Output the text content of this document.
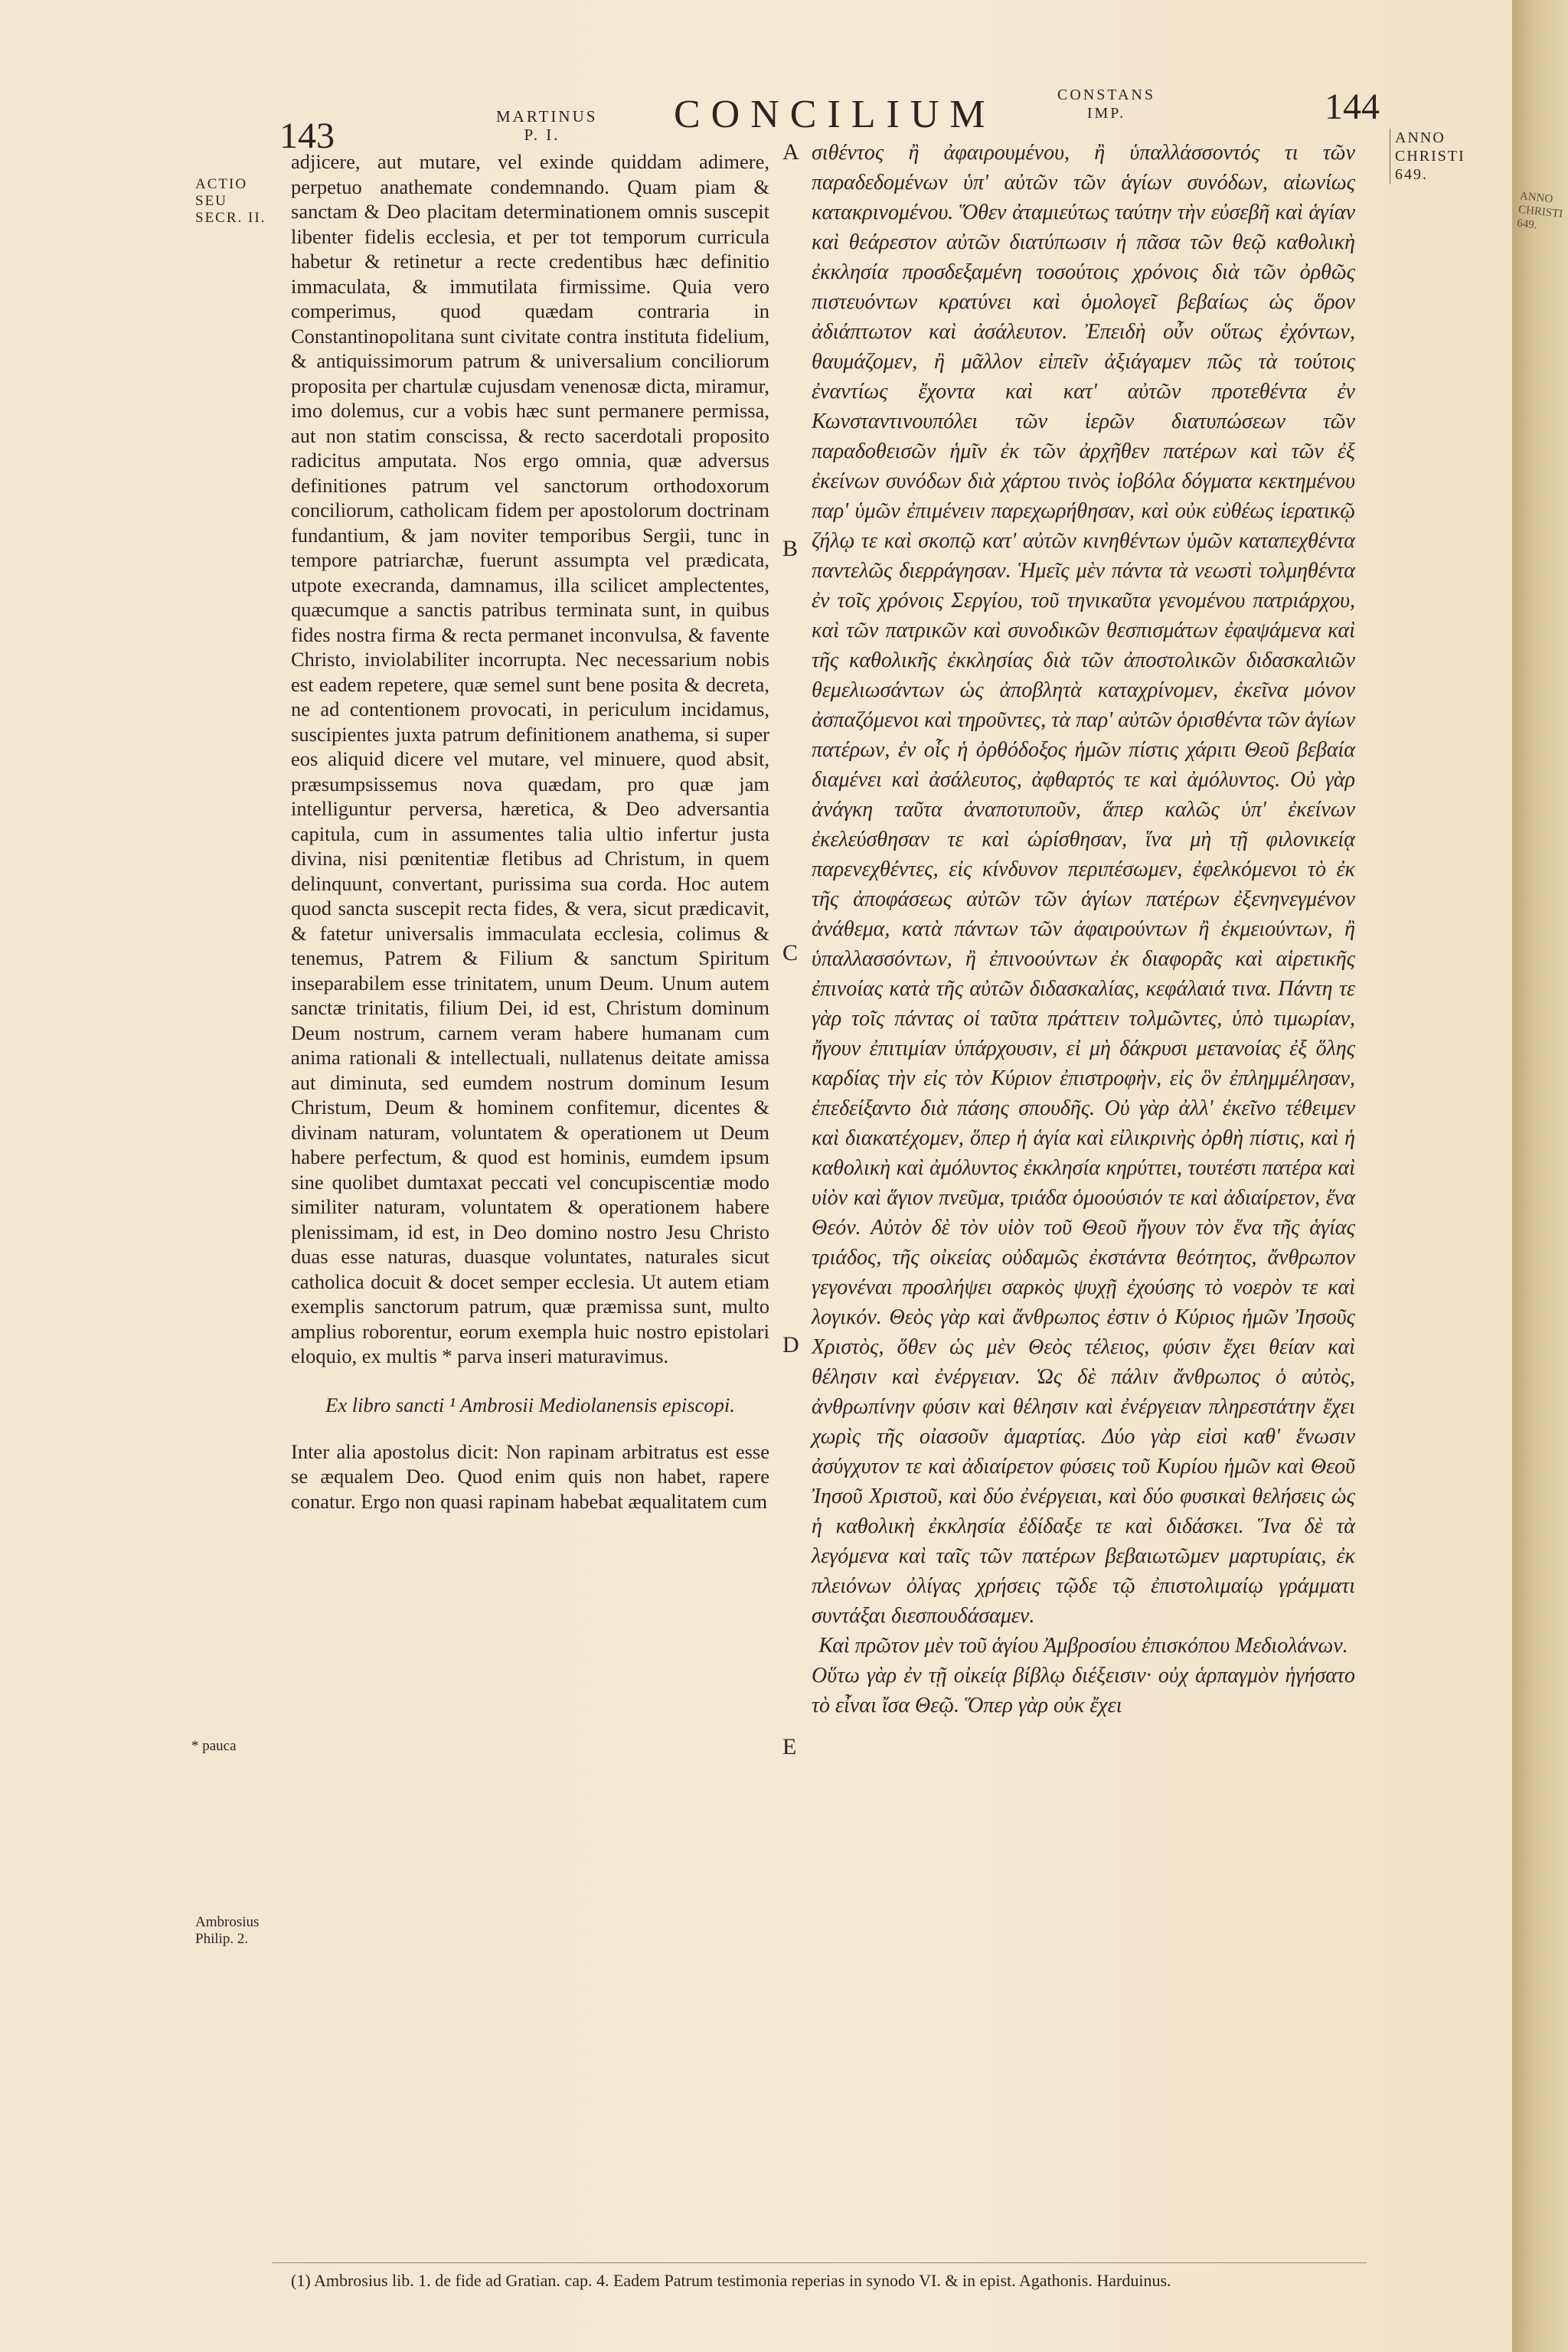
143	MARTINUS P. I.	CONCILIUM	CONSTANS IMP.	144
ACTIO SEU SECR. II.
ANNO CHRISTI 649.
* pauca
Ambrosius Philip. 2.

adjicere, aut mutare, vel exinde quiddam adimere, perpetuo anathemate condemnando. Quam piam & sanctam & Deo placitam determinationem omnis suscepit libenter fidelis ecclesia, et per tot temporum curricula habetur & retinetur a recte credentibus hæc definitio immaculata, & immutilata firmissime. Quia vero comperimus, quod quædam contraria in Constantinopolitana sunt civitate contra instituta fidelium, & antiquissimorum patrum & universalium conciliorum proposita per chartulæ cujusdam venenosæ dicta, miramur, imo dolemus, cur a vobis hæc sunt permanere permissa, aut non statim conscissa, & recto sacerdotali proposito radicitus amputata. Nos ergo omnia, quæ adversus definitiones patrum vel sanctorum orthodoxorum conciliorum, catholicam fidem per apostolorum doctrinam fundantium, & jam noviter temporibus Sergii, tunc in tempore patriarchæ, fuerunt assumpta vel prædicata, utpote execranda, damnamus, illa scilicet amplectentes, quæcumque a sanctis patribus terminata sunt, in quibus fides nostra firma & recta permanet inconvulsa, & favente Christo, inviolabiliter incorrupta. Nec necessarium nobis est eadem repetere, quæ semel sunt bene posita & decreta, ne ad contentionem provocati, in periculum incidamus, suscipientes juxta patrum definitionem anathema, si super eos aliquid dicere vel mutare, vel minuere, quod absit, præsumpsissemus nova quædam, pro quæ jam intelliguntur perversa, hæretica, & Deo adversantia capitula, cum in assumentes talia ultio infertur justa divina, nisi pœnitentiæ fletibus ad Christum, in quem delinquunt, convertant, purissima sua corda. Hoc autem quod sancta suscepit recta fides, & vera, sicut prædicavit, & fatetur universalis immaculata ecclesia, colimus & tenemus, Patrem & Filium & sanctum Spiritum inseparabilem esse trinitatem, unum Deum. Unum autem sanctæ trinitatis, filium Dei, id est, Christum dominum Deum nostrum, carnem veram habere humanam cum anima rationali & intellectuali, nullatenus deitate amissa aut diminuta, sed eumdem nostrum dominum Iesum Christum, Deum & hominem confitemur, dicentes & divinam naturam, voluntatem & operationem ut Deum habere perfectum, & quod est hominis, eumdem ipsum sine quolibet dumtaxat peccati vel concupiscentiæ modo similiter naturam, voluntatem & operationem habere plenissimam, id est, in Deo domino nostro Jesu Christo duas esse naturas, duasque voluntates, naturales sicut catholica docuit & docet semper ecclesia. Ut autem etiam exemplis sanctorum patrum, quæ præmissa sunt, multo amplius roborentur, eorum exempla huic nostro epistolari eloquio, ex multis * parva inseri maturavimus.

Ex libro sancti ¹ Ambrosii Mediolanensis episcopi.

Inter alia apostolus dicit: Non rapinam arbitratus est esse se æqualem Deo. Quod enim quis non habet, rapere conatur. Ergo non quasi rapinam habebat æqualitatem cum

A
B
C
D
E

σιθέντος ἢ ἀφαιρουμένου, ἢ ὑπαλλάσσοντός τι τῶν παραδεδομένων ὑπ' αὐτῶν τῶν ἁγίων συνόδων, αἰωνίως κατακρινομένου. Ὅθεν ἀταμιεύτως ταύτην τὴν εὐσεβῆ καὶ ἁγίαν καὶ θεάρεστον αὐτῶν διατύπωσιν ἡ πᾶσα τῶν θεῷ καθολικὴ ἐκκλησία προσδεξαμένη τοσούτοις χρόνοις διὰ τῶν ὀρθῶς πιστευόντων κρατύνει καὶ ὁμολογεῖ βεβαίως ὡς ὅρον ἀδιάπτωτον καὶ ἀσάλευτον. Ἐπειδὴ οὖν οὕτως ἐχόντων, θαυμάζομεν, ἢ μᾶλλον εἰπεῖν ἀξιάγαμεν πῶς τὰ τούτοις ἐναντίως ἔχοντα καὶ κατ' αὐτῶν προτεθέντα ἐν Κωνσταντινουπόλει τῶν ἱερῶν διατυπώσεων τῶν παραδοθεισῶν ἡμῖν ἐκ τῶν ἀρχῆθεν πατέρων καὶ τῶν ἐξ ἐκείνων συνόδων διὰ χάρτου τινὸς ἰοβόλα δόγματα κεκτημένου παρ' ὑμῶν ἐπιμένειν παρεχωρήθησαν, καὶ οὐκ εὐθέως ἱερατικῷ ζήλῳ τε καὶ σκοπῷ κατ' αὐτῶν κινηθέντων ὑμῶν καταπεχθέντα παντελῶς διερράγησαν. Ἡμεῖς μὲν πάντα τὰ νεωστὶ τολμηθέντα ἐν τοῖς χρόνοις Σεργίου, τοῦ τηνικαῦτα γενομένου πατριάρχου, καὶ τῶν πατρικῶν καὶ συνοδικῶν θεσπισμάτων ἐφαψάμενα καὶ τῆς καθολικῆς ἐκκλησίας διὰ τῶν ἀποστολικῶν διδασκαλιῶν θεμελιωσάντων ὡς ἀποβλητὰ καταχρίνομεν, ἐκεῖνα μόνον ἀσπαζόμενοι καὶ τηροῦντες, τὰ παρ' αὐτῶν ὁρισθέντα τῶν ἁγίων πατέρων, ἐν οἷς ἡ ὀρθόδοξος ἡμῶν πίστις χάριτι Θεοῦ βεβαία διαμένει καὶ ἀσάλευτος, ἀφθαρτός τε καὶ ἀμόλυντος. Οὐ γὰρ ἀνάγκη ταῦτα ἀναποτυποῦν, ἅπερ καλῶς ὑπ' ἐκείνων ἐκελεύσθησαν τε καὶ ὡρίσθησαν, ἵνα μὴ τῇ φιλονικείᾳ παρενεχθέντες, εἰς κίνδυνον περιπέσωμεν, ἐφελκόμενοι τὸ ἐκ τῆς ἀποφάσεως αὐτῶν τῶν ἁγίων πατέρων ἐξενηνεγμένον ἀνάθεμα, κατὰ πάντων τῶν ἀφαιρούντων ἢ ἐκμειούντων, ἢ ὑπαλλασσόντων, ἢ ἐπινοούντων ἐκ διαφορᾶς καὶ αἱρετικῆς ἐπινοίας κατὰ τῆς αὐτῶν διδασκαλίας, κεφάλαιά τινα. Πάντη τε γὰρ τοῖς πάντας οἱ ταῦτα πράττειν τολμῶντες, ὑπὸ τιμωρίαν, ἤγουν ἐπιτιμίαν ὑπάρχουσιν, εἰ μὴ δάκρυσι μετανοίας ἐξ ὅλης καρδίας τὴν εἰς τὸν Κύριον ἐπιστροφὴν, εἰς ὃν ἐπλημμέλησαν, ἐπεδείξαντο διὰ πάσης σπουδῆς. Οὐ γὰρ ἀλλ' ἐκεῖνο τέθειμεν καὶ διακατέχομεν, ὅπερ ἡ ἁγία καὶ εἰλικρινὴς ὀρθὴ πίστις, καὶ ἡ καθολικὴ καὶ ἀμόλυντος ἐκκλησία κηρύττει, τουτέστι πατέρα καὶ υἱὸν καὶ ἅγιον πνεῦμα, τριάδα ὁμοούσιόν τε καὶ ἀδιαίρετον, ἕνα Θεόν. Αὐτὸν δὲ τὸν υἱὸν τοῦ Θεοῦ ἤγουν τὸν ἕνα τῆς ἁγίας τριάδος, τῆς οἰκείας οὐδαμῶς ἐκστάντα θεότητος, ἄνθρωπον γεγονέναι προσλήψει σαρκὸς ψυχῇ ἐχούσης τὸ νοερὸν τε καὶ λογικόν. Θεὸς γὰρ καὶ ἄνθρωπος ἐστιν ὁ Κύριος ἡμῶν Ἰησοῦς Χριστὸς, ὅθεν ὡς μὲν Θεὸς τέλειος, φύσιν ἔχει θείαν καὶ θέλησιν καὶ ἐνέργειαν. Ὡς δὲ πάλιν ἄνθρωπος ὁ αὐτὸς, ἀνθρωπίνην φύσιν καὶ θέλησιν καὶ ἐνέργειαν πληρεστάτην ἔχει χωρὶς τῆς οἰασοῦν ἁμαρτίας. Δύο γὰρ εἰσὶ καθ' ἕνωσιν ἀσύγχυτον τε καὶ ἀδιαίρετον φύσεις τοῦ Κυρίου ἡμῶν καὶ Θεοῦ Ἰησοῦ Χριστοῦ, καὶ δύο ἐνέργειαι, καὶ δύο φυσικαὶ θελήσεις ὡς ἡ καθολικὴ ἐκκλησία ἐδίδαξε τε καὶ διδάσκει. Ἵνα δὲ τὰ λεγόμενα καὶ ταῖς τῶν πατέρων βεβαιωτῶμεν μαρτυρίαις, ἐκ πλειόνων ὀλίγας χρήσεις τῷδε τῷ ἐπιστολιμαίῳ γράμματι συντάξαι διεσπουδάσαμεν.

Καὶ πρῶτον μὲν τοῦ ἁγίου Ἀμβροσίου ἐπισκόπου Μεδιολάνων.

Οὕτω γὰρ ἐν τῇ οἰκείᾳ βίβλῳ διέξεισιν· οὐχ ἁρπαγμὸν ἡγήσατο τὸ εἶναι ἴσα Θεῷ. Ὅπερ γὰρ οὐκ ἔχει

ANNO CHRISTI 649.
(1) Ambrosius lib. 1. de fide ad Gratian. cap. 4. Eadem Patrum testimonia reperias in synodo VI. & in epist. Agathonis. Harduinus.
